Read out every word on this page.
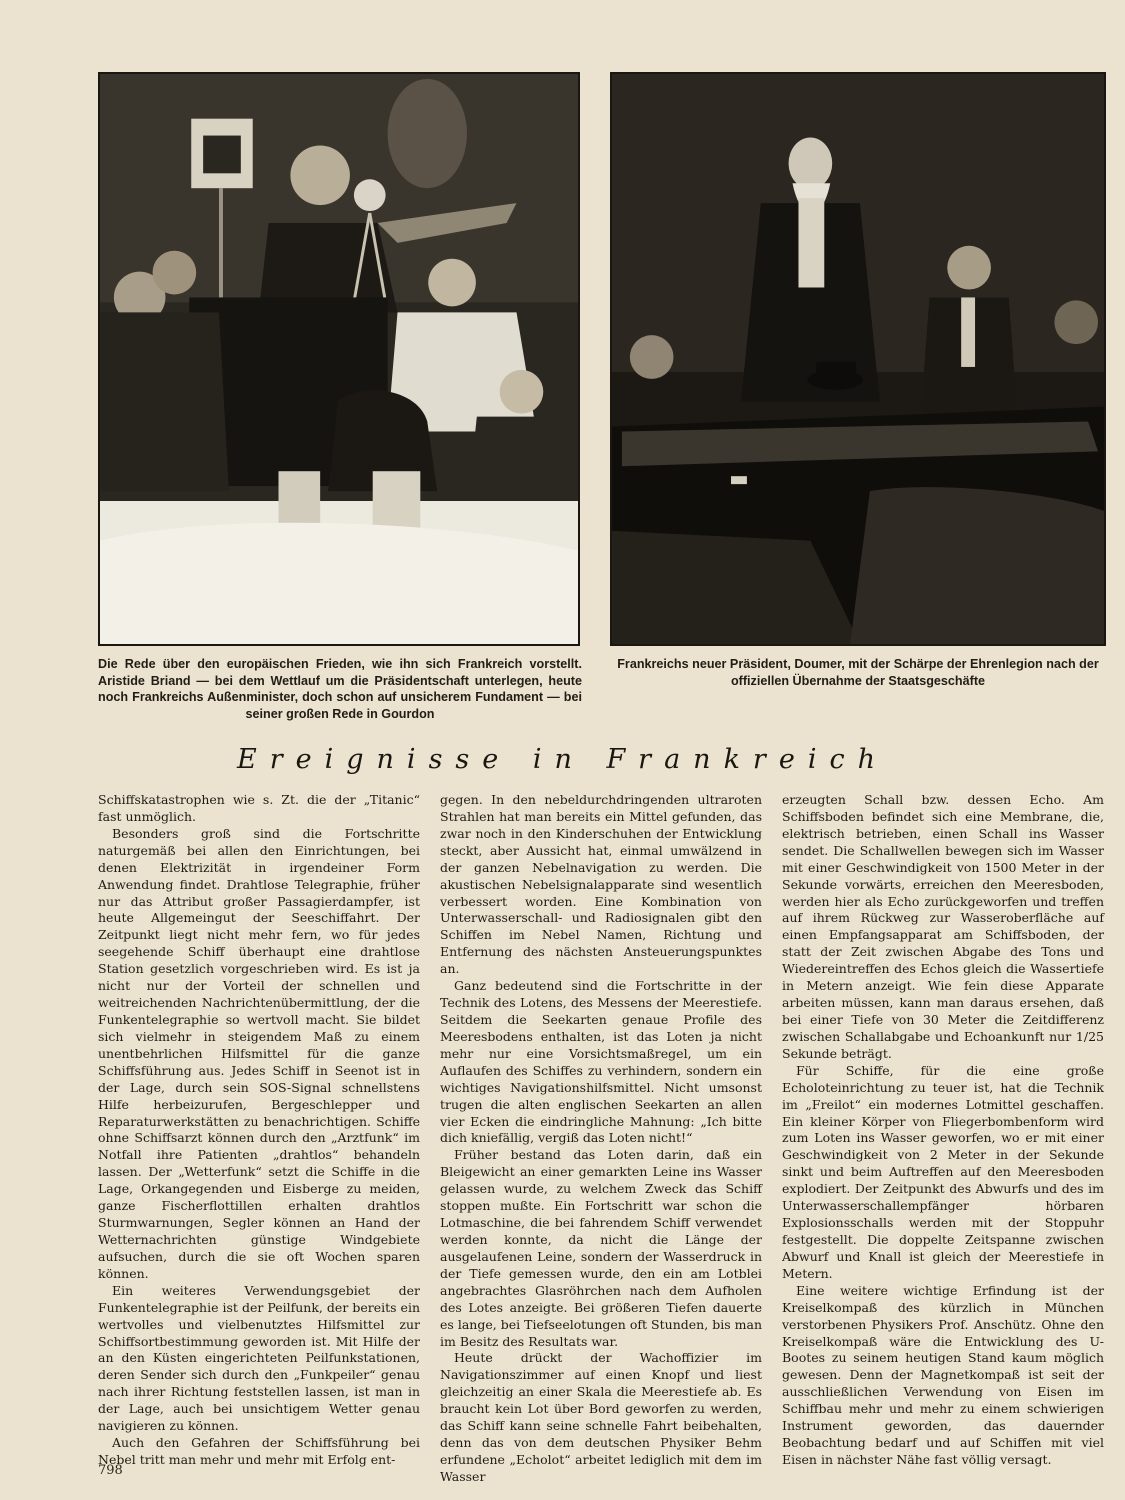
Die Rede über den europäischen Frieden, wie ihn sich Frankreich vorstellt. Aristide Briand — bei dem Wettlauf um die Präsidentschaft unterlegen, heute noch Frankreichs Außenminister, doch schon auf unsicherem Fundament — bei seiner großen Rede in Gourdon
Frankreichs neuer Präsident, Doumer, mit der Schärpe der Ehrenlegion nach der offiziellen Übernahme der Staatsgeschäfte
Ereignisse in Frankreich

Schiffskatastrophen wie s. Zt. die der „Titanic“ fast unmöglich.

Besonders groß sind die Fortschritte naturgemäß bei allen den Einrichtungen, bei denen Elektrizität in irgendeiner Form Anwendung findet. Drahtlose Telegraphie, früher nur das Attribut großer Passagierdampfer, ist heute Allgemeingut der Seeschiffahrt. Der Zeitpunkt liegt nicht mehr fern, wo für jedes seegehende Schiff überhaupt eine drahtlose Station gesetzlich vorgeschrieben wird. Es ist ja nicht nur der Vorteil der schnellen und weitreichenden Nachrichtenübermittlung, der die Funkentelegraphie so wertvoll macht. Sie bildet sich vielmehr in steigendem Maß zu einem unentbehrlichen Hilfsmittel für die ganze Schiffsführung aus. Jedes Schiff in Seenot ist in der Lage, durch sein SOS-Signal schnellstens Hilfe herbeizurufen, Bergeschlepper und Reparaturwerkstätten zu benachrichtigen. Schiffe ohne Schiffsarzt können durch den „Arztfunk“ im Notfall ihre Patienten „drahtlos“ behandeln lassen. Der „Wetterfunk“ setzt die Schiffe in die Lage, Orkangegenden und Eisberge zu meiden, ganze Fischerflottillen erhalten drahtlos Sturmwarnungen, Segler können an Hand der Wetternachrichten günstige Windgebiete aufsuchen, durch die sie oft Wochen sparen können.

Ein weiteres Verwendungsgebiet der Funkentelegraphie ist der Peilfunk, der bereits ein wertvolles und vielbenutztes Hilfsmittel zur Schiffsortbestimmung geworden ist. Mit Hilfe der an den Küsten eingerichteten Peilfunkstationen, deren Sender sich durch den „Funkpeiler“ genau nach ihrer Richtung feststellen lassen, ist man in der Lage, auch bei unsichtigem Wetter genau navigieren zu können.

Auch den Gefahren der Schiffsführung bei Nebel tritt man mehr und mehr mit Erfolg ent-

gegen. In den nebeldurchdringenden ultraroten Strahlen hat man bereits ein Mittel gefunden, das zwar noch in den Kinderschuhen der Entwicklung steckt, aber Aussicht hat, einmal umwälzend in der ganzen Nebelnavigation zu werden. Die akustischen Nebelsignalapparate sind wesentlich verbessert worden. Eine Kombination von Unterwasserschall- und Radiosignalen gibt den Schiffen im Nebel Namen, Richtung und Entfernung des nächsten Ansteuerungspunktes an.

Ganz bedeutend sind die Fortschritte in der Technik des Lotens, des Messens der Meerestiefe. Seitdem die Seekarten genaue Profile des Meeresbodens enthalten, ist das Loten ja nicht mehr nur eine Vorsichtsmaßregel, um ein Auflaufen des Schiffes zu verhindern, sondern ein wichtiges Navigationshilfsmittel. Nicht umsonst trugen die alten englischen Seekarten an allen vier Ecken die eindringliche Mahnung: „Ich bitte dich kniefällig, vergiß das Loten nicht!“

Früher bestand das Loten darin, daß ein Bleigewicht an einer gemarkten Leine ins Wasser gelassen wurde, zu welchem Zweck das Schiff stoppen mußte. Ein Fortschritt war schon die Lotmaschine, die bei fahrendem Schiff verwendet werden konnte, da nicht die Länge der ausgelaufenen Leine, sondern der Wasserdruck in der Tiefe gemessen wurde, den ein am Lotblei angebrachtes Glasröhrchen nach dem Aufholen des Lotes anzeigte. Bei größeren Tiefen dauerte es lange, bei Tiefseelotungen oft Stunden, bis man im Besitz des Resultats war.

Heute drückt der Wachoffizier im Navigationszimmer auf einen Knopf und liest gleichzeitig an einer Skala die Meerestiefe ab. Es braucht kein Lot über Bord geworfen zu werden, das Schiff kann seine schnelle Fahrt beibehalten, denn das von dem deutschen Physiker Behm erfundene „Echolot“ arbeitet lediglich mit dem im Wasser

erzeugten Schall bzw. dessen Echo. Am Schiffsboden befindet sich eine Membrane, die, elektrisch betrieben, einen Schall ins Wasser sendet. Die Schallwellen bewegen sich im Wasser mit einer Geschwindigkeit von 1500 Meter in der Sekunde vorwärts, erreichen den Meeresboden, werden hier als Echo zurückgeworfen und treffen auf ihrem Rückweg zur Wasseroberfläche auf einen Empfangsapparat am Schiffsboden, der statt der Zeit zwischen Abgabe des Tons und Wiedereintreffen des Echos gleich die Wassertiefe in Metern anzeigt. Wie fein diese Apparate arbeiten müssen, kann man daraus ersehen, daß bei einer Tiefe von 30 Meter die Zeitdifferenz zwischen Schallabgabe und Echoankunft nur 1/25 Sekunde beträgt.

Für Schiffe, für die eine große Echoloteinrichtung zu teuer ist, hat die Technik im „Freilot“ ein modernes Lotmittel geschaffen. Ein kleiner Körper von Fliegerbombenform wird zum Loten ins Wasser geworfen, wo er mit einer Geschwindigkeit von 2 Meter in der Sekunde sinkt und beim Auftreffen auf den Meeresboden explodiert. Der Zeitpunkt des Abwurfs und des im Unterwasserschallempfänger hörbaren Explosionsschalls werden mit der Stoppuhr festgestellt. Die doppelte Zeitspanne zwischen Abwurf und Knall ist gleich der Meerestiefe in Metern.

Eine weitere wichtige Erfindung ist der Kreiselkompaß des kürzlich in München verstorbenen Physikers Prof. Anschütz. Ohne den Kreiselkompaß wäre die Entwicklung des U-Bootes zu seinem heutigen Stand kaum möglich gewesen. Denn der Magnetkompaß ist seit der ausschließlichen Verwendung von Eisen im Schiffbau mehr und mehr zu einem schwierigen Instrument geworden, das dauernder Beobachtung bedarf und auf Schiffen mit viel Eisen in nächster Nähe fast völlig versagt.

798
